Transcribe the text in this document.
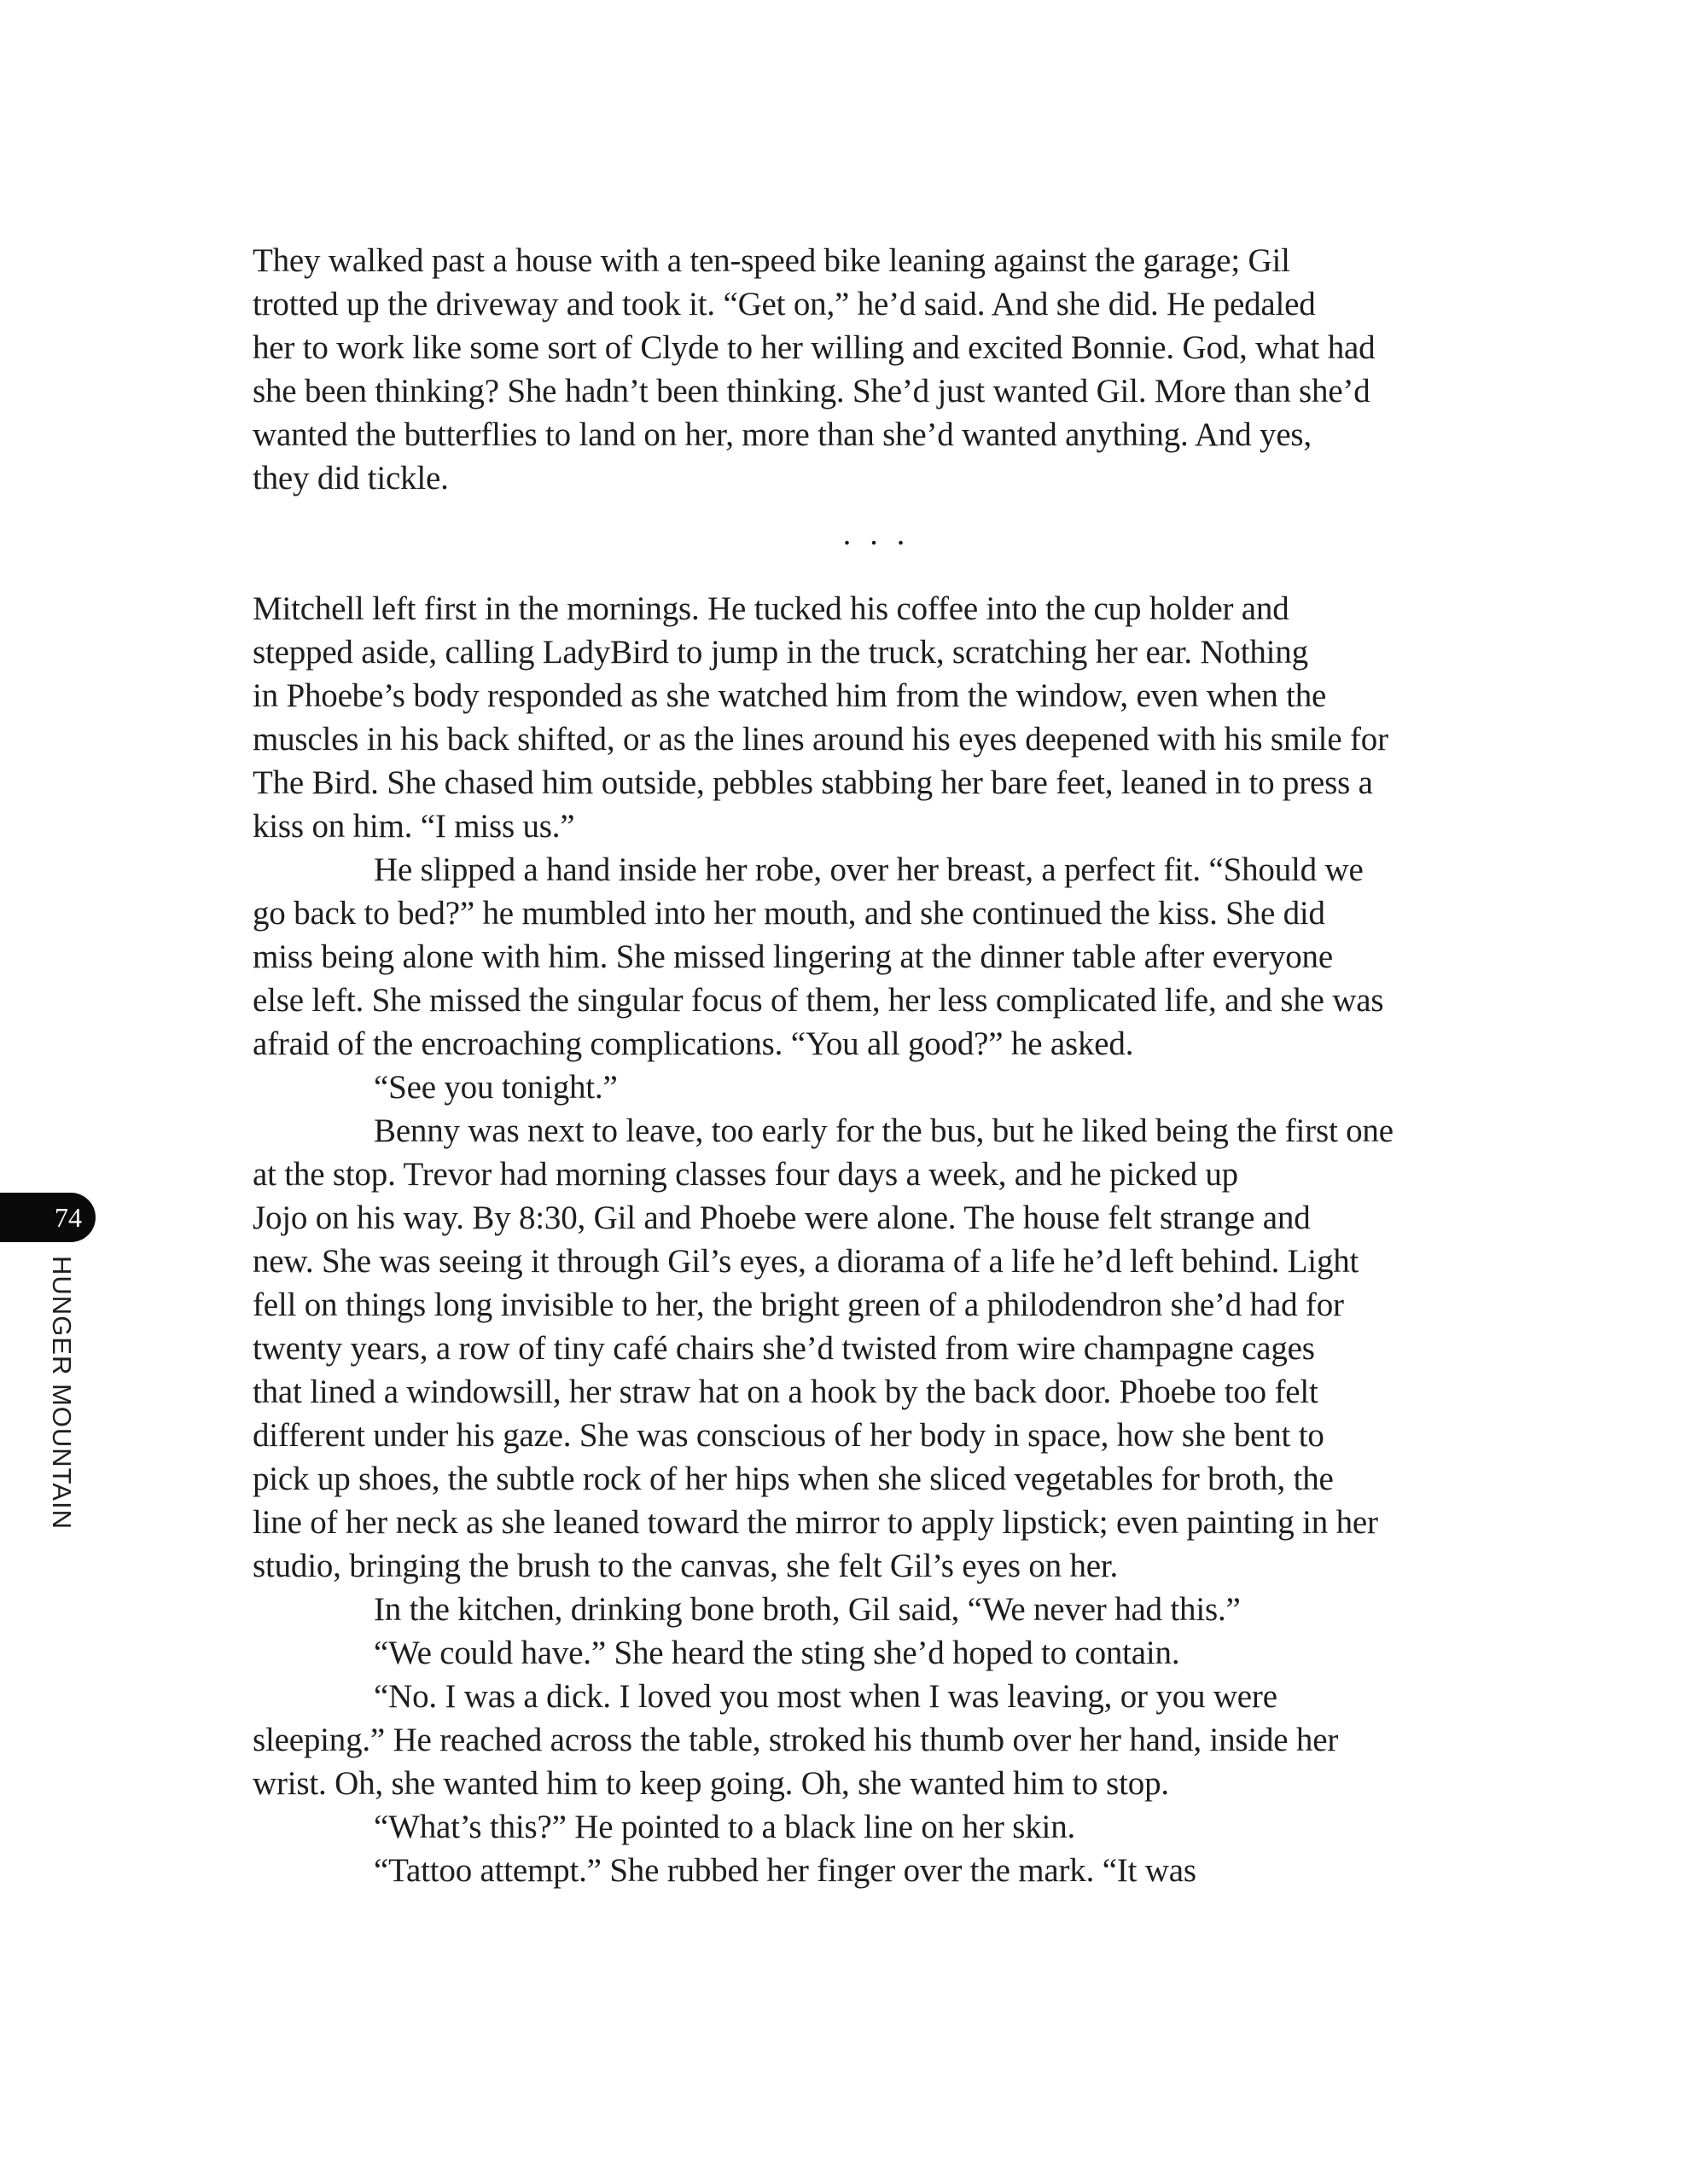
They walked past a house with a ten-speed bike leaning against the garage; Gil
trotted up the driveway and took it. “Get on,” he’d said. And she did. He pedaled
her to work like some sort of Clyde to her willing and excited Bonnie. God, what had
she been thinking? She hadn’t been thinking. She’d just wanted Gil. More than she’d
wanted the butterflies to land on her, more than she’d wanted anything. And yes,
they did tickle.
. . .
Mitchell left first in the mornings. He tucked his coffee into the cup holder and
stepped aside, calling LadyBird to jump in the truck, scratching her ear. Nothing
in Phoebe’s body responded as she watched him from the window, even when the
muscles in his back shifted, or as the lines around his eyes deepened with his smile for
The Bird. She chased him outside, pebbles stabbing her bare feet, leaned in to press a
kiss on him. “I miss us.”
He slipped a hand inside her robe, over her breast, a perfect fit. “Should we
go back to bed?” he mumbled into her mouth, and she continued the kiss. She did
miss being alone with him. She missed lingering at the dinner table after everyone
else left. She missed the singular focus of them, her less complicated life, and she was
afraid of the encroaching complications. “You all good?” he asked.
“See you tonight.”
Benny was next to leave, too early for the bus, but he liked being the first one
at the stop. Trevor had morning classes four days a week, and he picked up
Jojo on his way. By 8:30, Gil and Phoebe were alone. The house felt strange and
new. She was seeing it through Gil’s eyes, a diorama of a life he’d left behind. Light
fell on things long invisible to her, the bright green of a philodendron she’d had for
twenty years, a row of tiny café chairs she’d twisted from wire champagne cages
that lined a windowsill, her straw hat on a hook by the back door. Phoebe too felt
different under his gaze. She was conscious of her body in space, how she bent to
pick up shoes, the subtle rock of her hips when she sliced vegetables for broth, the
line of her neck as she leaned toward the mirror to apply lipstick; even painting in her
studio, bringing the brush to the canvas, she felt Gil’s eyes on her.
In the kitchen, drinking bone broth, Gil said, “We never had this.”
“We could have.” She heard the sting she’d hoped to contain.
“No. I was a dick. I loved you most when I was leaving, or you were
sleeping.” He reached across the table, stroked his thumb over her hand, inside her
wrist. Oh, she wanted him to keep going. Oh, she wanted him to stop.
“What’s this?” He pointed to a black line on her skin.
“Tattoo attempt.” She rubbed her finger over the mark. “It was
74
HUNGER MOUNTAIN
